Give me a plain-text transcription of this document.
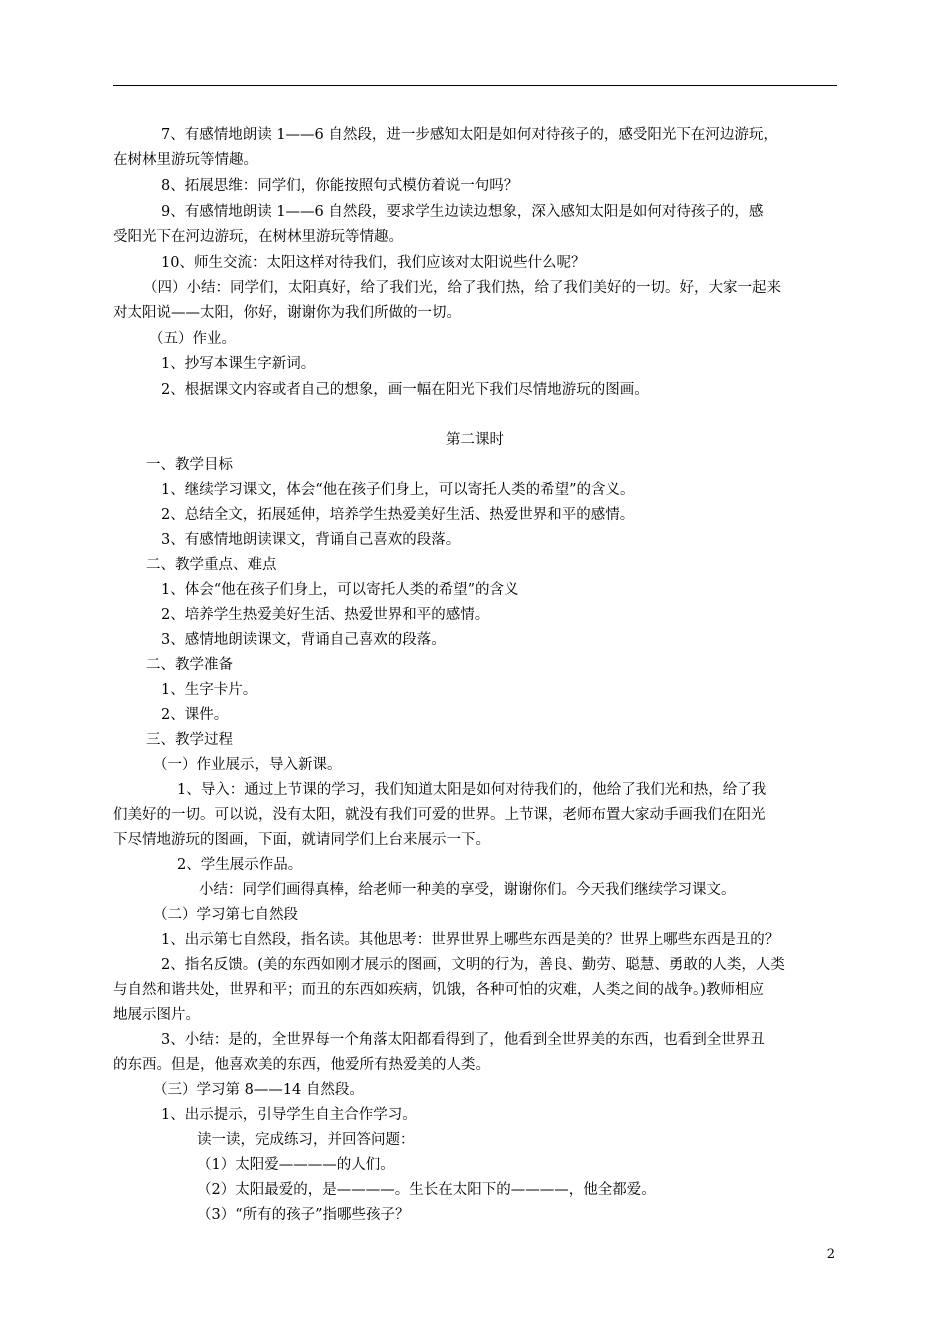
7、有感情地朗读 1——6 自然段，进一步感知太阳是如何对待孩子的，感受阳光下在河边游玩，
在树林里游玩等情趣。
8、拓展思维：同学们，你能按照句式模仿着说一句吗？
9、有感情地朗读 1——6 自然段，要求学生边读边想象，深入感知太阳是如何对待孩子的，感
受阳光下在河边游玩，在树林里游玩等情趣。
10、师生交流：太阳这样对待我们，我们应该对太阳说些什么呢？
（四）小结：同学们，太阳真好，给了我们光，给了我们热，给了我们美好的一切。好，大家一起来
对太阳说——太阳，你好，谢谢你为我们所做的一切。
（五）作业。
1、抄写本课生字新词。
2、根据课文内容或者自己的想象，画一幅在阳光下我们尽情地游玩的图画。
第二课时
一、教学目标
1、继续学习课文，体会“他在孩子们身上，可以寄托人类的希望”的含义。
2、总结全文，拓展延伸，培养学生热爱美好生活、热爱世界和平的感情。
3、有感情地朗读课文，背诵自己喜欢的段落。
二、教学重点、难点
1、体会“他在孩子们身上，可以寄托人类的希望”的含义
2、培养学生热爱美好生活、热爱世界和平的感情。
3、感情地朗读课文，背诵自己喜欢的段落。
二、教学准备
1、生字卡片。
2、课件。
三、教学过程
（一）作业展示，导入新课。
1、导入：通过上节课的学习，我们知道太阳是如何对待我们的，他给了我们光和热，给了我
们美好的一切。可以说，没有太阳，就没有我们可爱的世界。上节课，老师布置大家动手画我们在阳光
下尽情地游玩的图画，下面，就请同学们上台来展示一下。
2、学生展示作品。
小结：同学们画得真棒，给老师一种美的享受，谢谢你们。今天我们继续学习课文。
（二）学习第七自然段
1、出示第七自然段，指名读。其他思考：世界世界上哪些东西是美的？世界上哪些东西是丑的？
2、指名反馈。(美的东西如刚才展示的图画，文明的行为，善良、勤劳、聪慧、勇敢的人类，人类
与自然和谐共处，世界和平；而丑的东西如疾病，饥饿，各种可怕的灾难，人类之间的战争。)教师相应
地展示图片。
3、小结：是的，全世界每一个角落太阳都看得到了，他看到全世界美的东西，也看到全世界丑
的东西。但是，他喜欢美的东西，他爱所有热爱美的人类。
（三）学习第 8——14 自然段。
1、出示提示，引导学生自主合作学习。
读一读，完成练习，并回答问题：
（1）太阳爱————的人们。
（2）太阳最爱的，是————。生长在太阳下的————，他全都爱。
（3）“所有的孩子”指哪些孩子？
2
